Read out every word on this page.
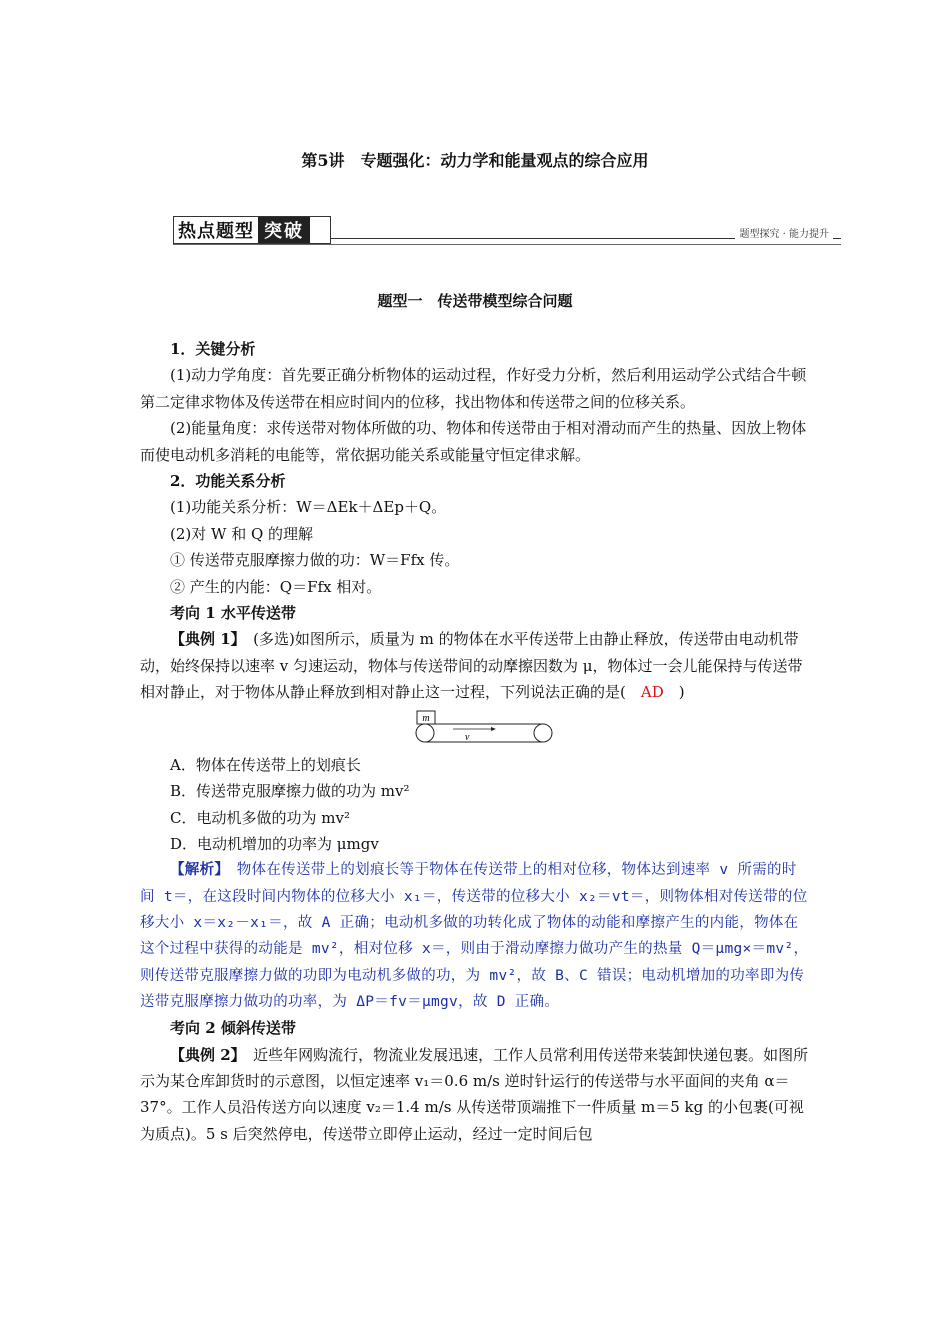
第5讲　专题强化：动力学和能量观点的综合应用
热点题型 突破	题型探究 · 能力提升
题型一　传送带模型综合问题

1．关键分析

(1)动力学角度：首先要正确分析物体的运动过程，作好受力分析，然后利用运动学公式结合牛顿第二定律求物体及传送带在相应时间内的位移，找出物体和传送带之间的位移关系。

(2)能量角度：求传送带对物体所做的功、物体和传送带由于相对滑动而产生的热量、因放上物体而使电动机多消耗的电能等，常依据功能关系或能量守恒定律求解。

2．功能关系分析

(1)功能关系分析：W＝ΔEk＋ΔEp＋Q。

(2)对 W 和 Q 的理解

① 传送带克服摩擦力做的功：W＝Ffx 传。

② 产生的内能：Q＝Ffx 相对。

考向 1 水平传送带

【典例 1】　(多选)如图所示，质量为 m 的物体在水平传送带上由静止释放，传送带由电动机带动，始终保持以速率 v 匀速运动，物体与传送带间的动摩擦因数为 μ，物体过一会儿能保持与传送带相对静止，对于物体从静止释放到相对静止这一过程，下列说法正确的是(　AD　)

m
v

A．物体在传送带上的划痕长

B．传送带克服摩擦力做的功为 mv²

C．电动机多做的功为 mv²

D．电动机增加的功率为 μmgv

【解析】　物体在传送带上的划痕长等于物体在传送带上的相对位移，物体达到速率 v 所需的时间 t＝，在这段时间内物体的位移大小 x₁＝，传送带的位移大小 x₂＝vt＝，则物体相对传送带的位移大小 x＝x₂－x₁＝，故 A 正确；电动机多做的功转化成了物体的动能和摩擦产生的内能，物体在这个过程中获得的动能是 mv²，相对位移 x＝，则由于滑动摩擦力做功产生的热量 Q＝μmg×＝mv²，则传送带克服摩擦力做的功即为电动机多做的功，为 mv²，故 B、C 错误；电动机增加的功率即为传送带克服摩擦力做功的功率，为 ΔP＝fv＝μmgv，故 D 正确。

考向 2 倾斜传送带

【典例 2】　近些年网购流行，物流业发展迅速，工作人员常利用传送带来装卸快递包裹。如图所示为某仓库卸货时的示意图，以恒定速率 v₁＝0.6 m/s 逆时针运行的传送带与水平面间的夹角 α＝37°。工作人员沿传送方向以速度 v₂＝1.4 m/s 从传送带顶端推下一件质量 m＝5 kg 的小包裹(可视为质点)。5 s 后突然停电，传送带立即停止运动，经过一定时间后包
